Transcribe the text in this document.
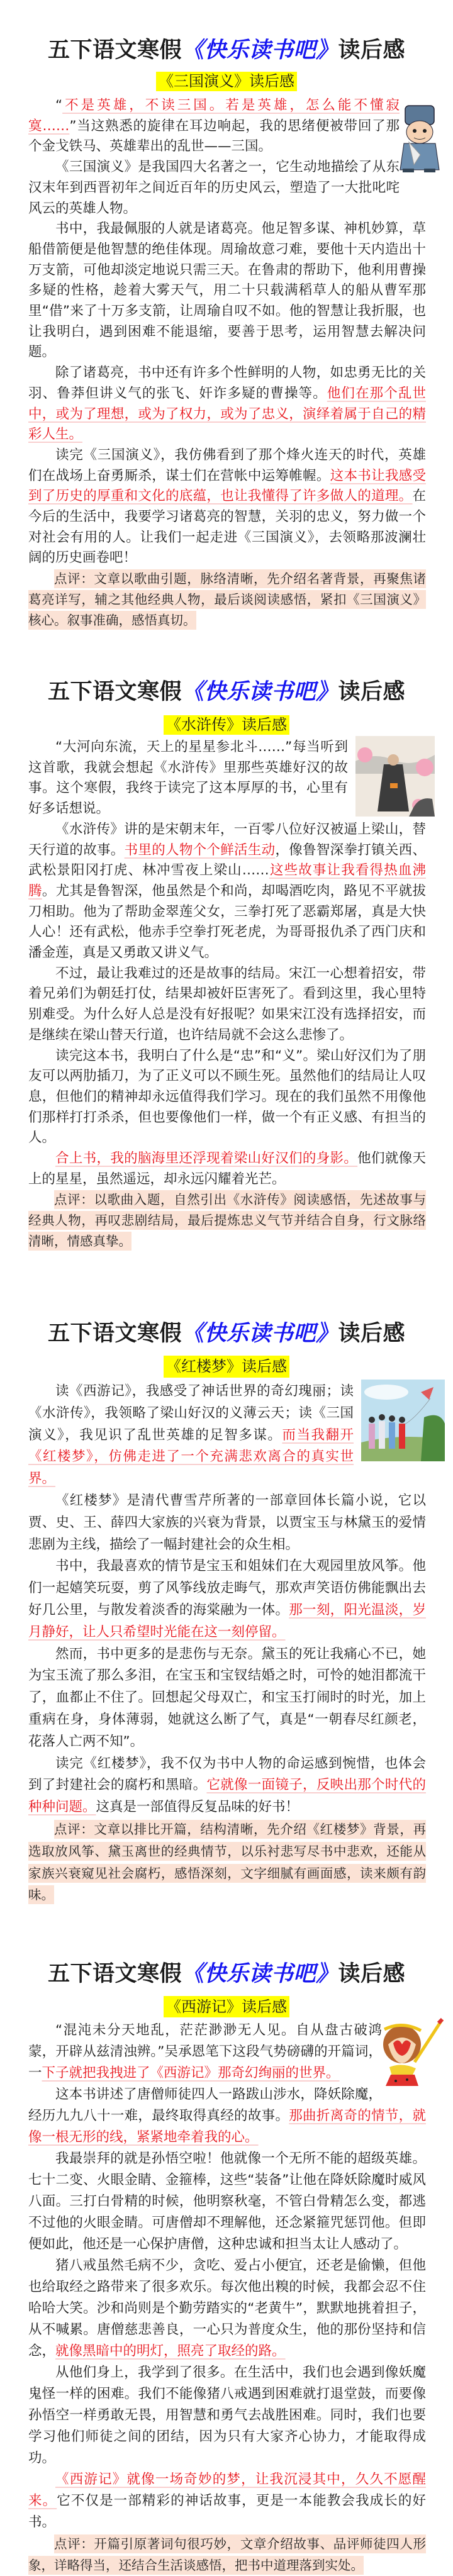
五下语文寒假《快乐读书吧》读后感
《三国演义》读后感

“不是英雄，不读三国。若是英雄，怎么能不懂寂寞……”当这熟悉的旋律在耳边响起，我的思绪便被带回了那个金戈铁马、英雄辈出的乱世——三国。

《三国演义》是我国四大名著之一，它生动地描绘了从东汉末年到西晋初年之间近百年的历史风云，塑造了一大批叱咤风云的英雄人物。

书中，我最佩服的人就是诸葛亮。他足智多谋、神机妙算，草船借箭便是他智慧的绝佳体现。周瑜故意刁难，要他十天内造出十万支箭，可他却淡定地说只需三天。在鲁肃的帮助下，他利用曹操多疑的性格，趁着大雾天气，用二十只载满稻草人的船从曹军那里“借”来了十万多支箭，让周瑜自叹不如。他的智慧让我折服，也让我明白，遇到困难不能退缩，要善于思考，运用智慧去解决问题。

除了诸葛亮，书中还有许多个性鲜明的人物，如忠勇无比的关羽、鲁莽但讲义气的张飞、奸诈多疑的曹操等。他们在那个乱世中，或为了理想，或为了权力，或为了忠义，演绎着属于自己的精彩人生。

读完《三国演义》，我仿佛看到了那个烽火连天的时代，英雄们在战场上奋勇厮杀，谋士们在营帐中运筹帷幄。这本书让我感受到了历史的厚重和文化的底蕴，也让我懂得了许多做人的道理。在今后的生活中，我要学习诸葛亮的智慧，关羽的忠义，努力做一个对社会有用的人。让我们一起走进《三国演义》，去领略那波澜壮阔的历史画卷吧！

点评：文章以歌曲引题，脉络清晰，先介绍名著背景，再聚焦诸葛亮详写，辅之其他经典人物，最后谈阅读感悟，紧扣《三国演义》核心。叙事准确，感悟真切。

五下语文寒假《快乐读书吧》读后感
《水浒传》读后感

“大河向东流，天上的星星参北斗……”每当听到这首歌，我就会想起《水浒传》里那些英雄好汉的故事。这个寒假，我终于读完了这本厚厚的书，心里有好多话想说。

《水浒传》讲的是宋朝末年，一百零八位好汉被逼上梁山，替天行道的故事。书里的人物个个鲜活生动，像鲁智深拳打镇关西、武松景阳冈打虎、林冲雪夜上梁山……这些故事让我看得热血沸腾。尤其是鲁智深，他虽然是个和尚，却喝酒吃肉，路见不平就拔刀相助。他为了帮助金翠莲父女，三拳打死了恶霸郑屠，真是大快人心！还有武松，他赤手空拳打死老虎，为哥哥报仇杀了西门庆和潘金莲，真是又勇敢又讲义气。

不过，最让我难过的还是故事的结局。宋江一心想着招安，带着兄弟们为朝廷打仗，结果却被奸臣害死了。看到这里，我心里特别难受。为什么好人总是没有好报呢？如果宋江没有选择招安，而是继续在梁山替天行道，也许结局就不会这么悲惨了。

读完这本书，我明白了什么是“忠”和“义”。梁山好汉们为了朋友可以两肋插刀，为了正义可以不顾生死。虽然他们的结局让人叹息，但他们的精神却永远值得我们学习。现在的我们虽然不用像他们那样打打杀杀，但也要像他们一样，做一个有正义感、有担当的人。

合上书，我的脑海里还浮现着梁山好汉们的身影。他们就像天上的星星，虽然遥远，却永远闪耀着光芒。

点评：以歌曲入题，自然引出《水浒传》阅读感悟，先述故事与经典人物，再叹悲剧结局，最后提炼忠义气节并结合自身，行文脉络清晰，情感真挚。

五下语文寒假《快乐读书吧》读后感
《红楼梦》读后感

读《西游记》，我感受了神话世界的奇幻瑰丽；读《水浒传》，我领略了梁山好汉的义薄云天；读《三国演义》，我见识了乱世英雄的足智多谋。而当我翻开《红楼梦》，仿佛走进了一个充满悲欢离合的真实世界。

《红楼梦》是清代曹雪芹所著的一部章回体长篇小说，它以贾、史、王、薛四大家族的兴衰为背景，以贾宝玉与林黛玉的爱情悲剧为主线，描绘了一幅封建社会的众生相。

书中，我最喜欢的情节是宝玉和姐妹们在大观园里放风筝。他们一起嬉笑玩耍，剪了风筝线放走晦气，那欢声笑语仿佛能飘出去好几公里，与散发着淡香的海棠融为一体。那一刻，阳光温淡，岁月静好，让人只希望时光能在这一刻停留。

然而，书中更多的是悲伤与无奈。黛玉的死让我痛心不已，她为宝玉流了那么多泪，在宝玉和宝钗结婚之时，可怜的她泪都流干了，血都止不住了。回想起父母双亡，和宝玉打闹时的时光，加上重病在身，身体薄弱，她就这么断了气，真是“一朝春尽红颜老，花落人亡两不知”。

读完《红楼梦》，我不仅为书中人物的命运感到惋惜，也体会到了封建社会的腐朽和黑暗。它就像一面镜子，反映出那个时代的种种问题。这真是一部值得反复品味的好书！

点评：文章以排比开篇，结构清晰，先介绍《红楼梦》背景，再选取放风筝、黛玉离世的经典情节，以乐衬悲写尽书中悲欢，还能从家族兴衰窥见社会腐朽，感悟深刻，文字细腻有画面感，读来颇有韵味。

五下语文寒假《快乐读书吧》读后感
《西游记》读后感

“混沌未分天地乱，茫茫渺渺无人见。自从盘古破鸿蒙，开辟从兹清浊辨。”吴承恩笔下这段气势磅礴的开篇词，一下子就把我拽进了《西游记》那奇幻绚丽的世界。

这本书讲述了唐僧师徒四人一路跋山涉水，降妖除魔，经历九九八十一难，最终取得真经的故事。那曲折离奇的情节，就像一根无形的线，紧紧地牵着我的心。

我最崇拜的就是孙悟空啦！他就像一个无所不能的超级英雄。七十二变、火眼金睛、金箍棒，这些“装备”让他在降妖除魔时威风八面。三打白骨精的时候，他明察秋毫，不管白骨精怎么变，都逃不过他的火眼金睛。可唐僧却不理解他，还念紧箍咒惩罚他。但即便如此，他还是一心保护唐僧，这种忠诚和担当太让人感动了。

猪八戒虽然毛病不少，贪吃、爱占小便宜，还老是偷懒，但他也给取经之路带来了很多欢乐。每次他出糗的时候，我都会忍不住哈哈大笑。沙和尚则是个勤劳踏实的“老黄牛”，默默地挑着担子，从不喊累。唐僧慈悲善良，一心只为普度众生，他的那份坚持和信念，就像黑暗中的明灯，照亮了取经的路。

从他们身上，我学到了很多。在生活中，我们也会遇到像妖魔鬼怪一样的困难。我们不能像猪八戒遇到困难就打退堂鼓，而要像孙悟空一样勇敢无畏，用智慧和勇气去战胜困难。同时，我们也要学习他们师徒之间的团结，因为只有大家齐心协力，才能取得成功。

《西游记》就像一场奇妙的梦，让我沉浸其中，久久不愿醒来。它不仅是一部精彩的神话故事，更是一本能教会我成长的好书。

点评：开篇引原著词句很巧妙，文章介绍故事、品评师徒四人形象，详略得当，还结合生活谈感悟，把书中道理落到实处。
